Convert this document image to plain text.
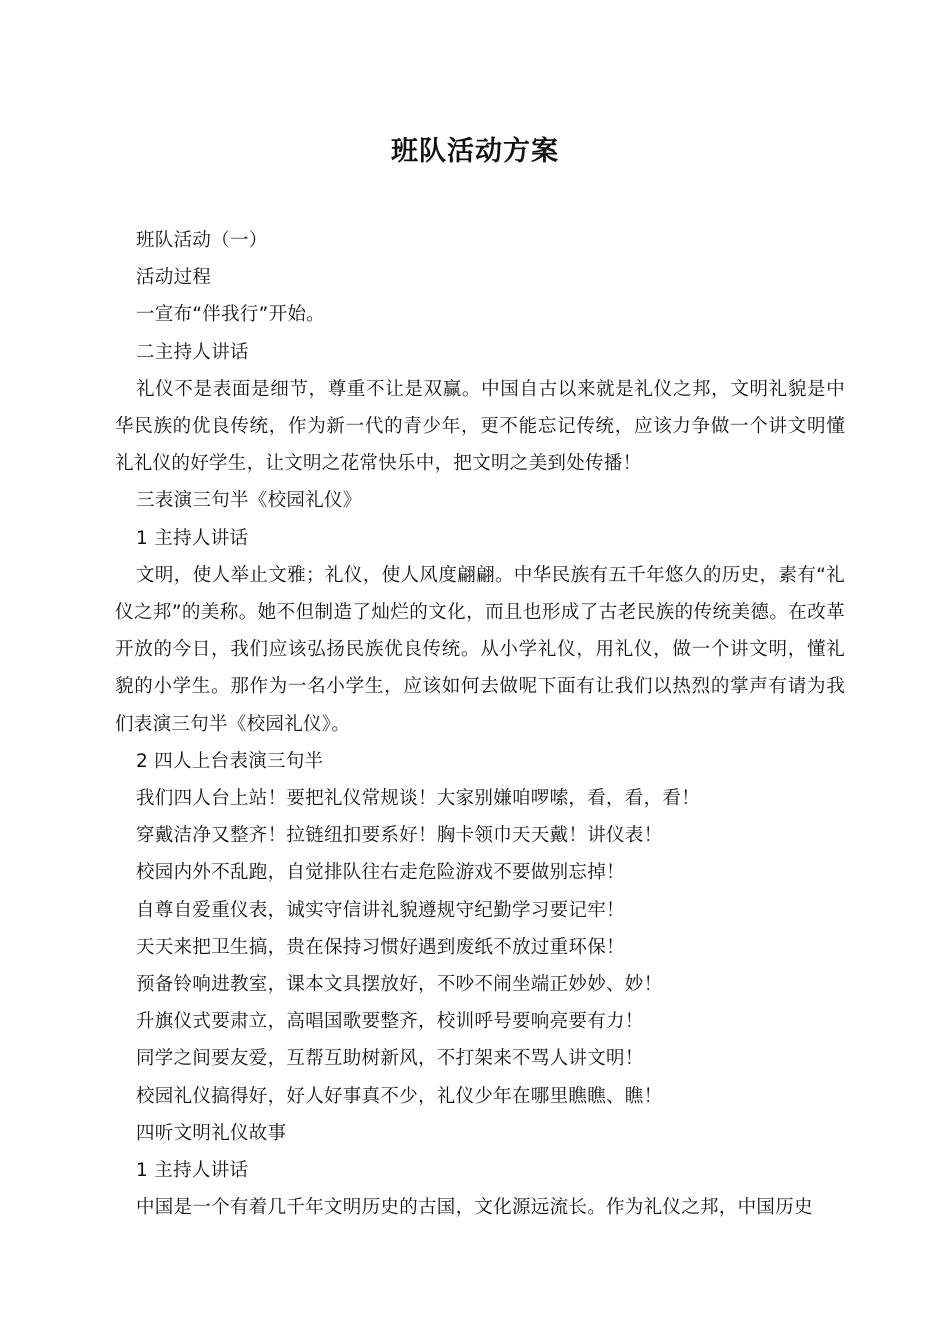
班队活动方案

班队活动（一）

活动过程

一宣布“伴我行”开始。

二主持人讲话

礼仪不是表面是细节，尊重不让是双赢。中国自古以来就是礼仪之邦，文明礼貌是中华民族的优良传统，作为新一代的青少年，更不能忘记传统，应该力争做一个讲文明懂礼礼仪的好学生，让文明之花常快乐中，把文明之美到处传播！

三表演三句半《校园礼仪》

1 主持人讲话

文明，使人举止文雅；礼仪，使人风度翩翩。中华民族有五千年悠久的历史，素有“礼仪之邦”的美称。她不但制造了灿烂的文化，而且也形成了古老民族的传统美德。在改革开放的今日，我们应该弘扬民族优良传统。从小学礼仪，用礼仪，做一个讲文明，懂礼貌的小学生。那作为一名小学生，应该如何去做呢下面有让我们以热烈的掌声有请为我们表演三句半《校园礼仪》。

2 四人上台表演三句半

我们四人台上站！要把礼仪常规谈！大家别嫌咱啰嗦，看，看，看！

穿戴洁净又整齐！拉链纽扣要系好！胸卡领巾天天戴！讲仪表！

校园内外不乱跑，自觉排队往右走危险游戏不要做别忘掉！

自尊自爱重仪表，诚实守信讲礼貌遵规守纪勤学习要记牢！

天天来把卫生搞，贵在保持习惯好遇到废纸不放过重环保！

预备铃响进教室，课本文具摆放好，不吵不闹坐端正妙妙、妙！

升旗仪式要肃立，高唱国歌要整齐，校训呼号要响亮要有力！

同学之间要友爱，互帮互助树新风，不打架来不骂人讲文明！

校园礼仪搞得好，好人好事真不少，礼仪少年在哪里瞧瞧、瞧！

四听文明礼仪故事

1 主持人讲话

中国是一个有着几千年文明历史的古国，文化源远流长。作为礼仪之邦，中国历史
